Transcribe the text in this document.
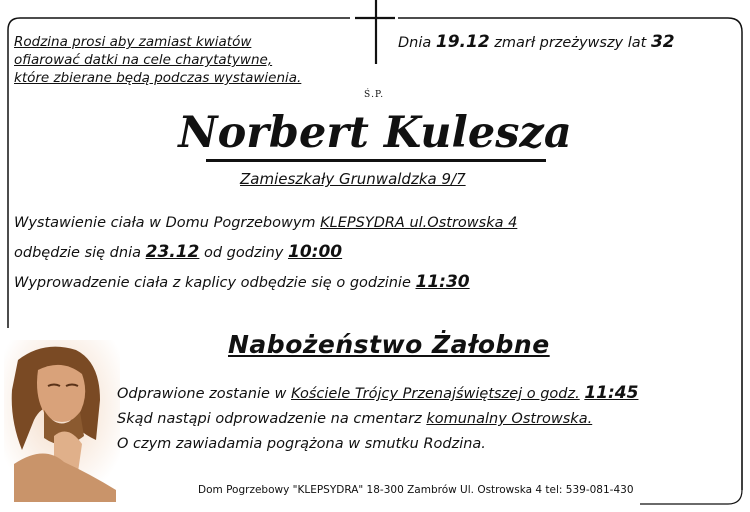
Rodzina prosi aby zamiast kwiatów
ofiarować datki na cele charytatywne,
które zbierane będą podczas wystawienia.
Dnia 19.12 zmarł przeżywszy lat 32
Ś.P.
Norbert Kulesza
Zamieszkały Grunwaldzka 9/7
Wystawienie ciała w Domu Pogrzebowym KLEPSYDRA ul.Ostrowska 4
odbędzie się dnia 23.12 od godziny 10:00
Wyprowadzenie ciała z kaplicy odbędzie się o godzinie 11:30
Nabożeństwo Żałobne
Odprawione zostanie w Kościele Trójcy Przenajświętszej o godz. 11:45
Skąd nastąpi odprowadzenie na cmentarz komunalny Ostrowska.
O czym zawiadamia pogrążona w smutku Rodzina.
Dom Pogrzebowy "KLEPSYDRA" 18-300 Zambrów Ul. Ostrowska 4 tel: 539-081-430
